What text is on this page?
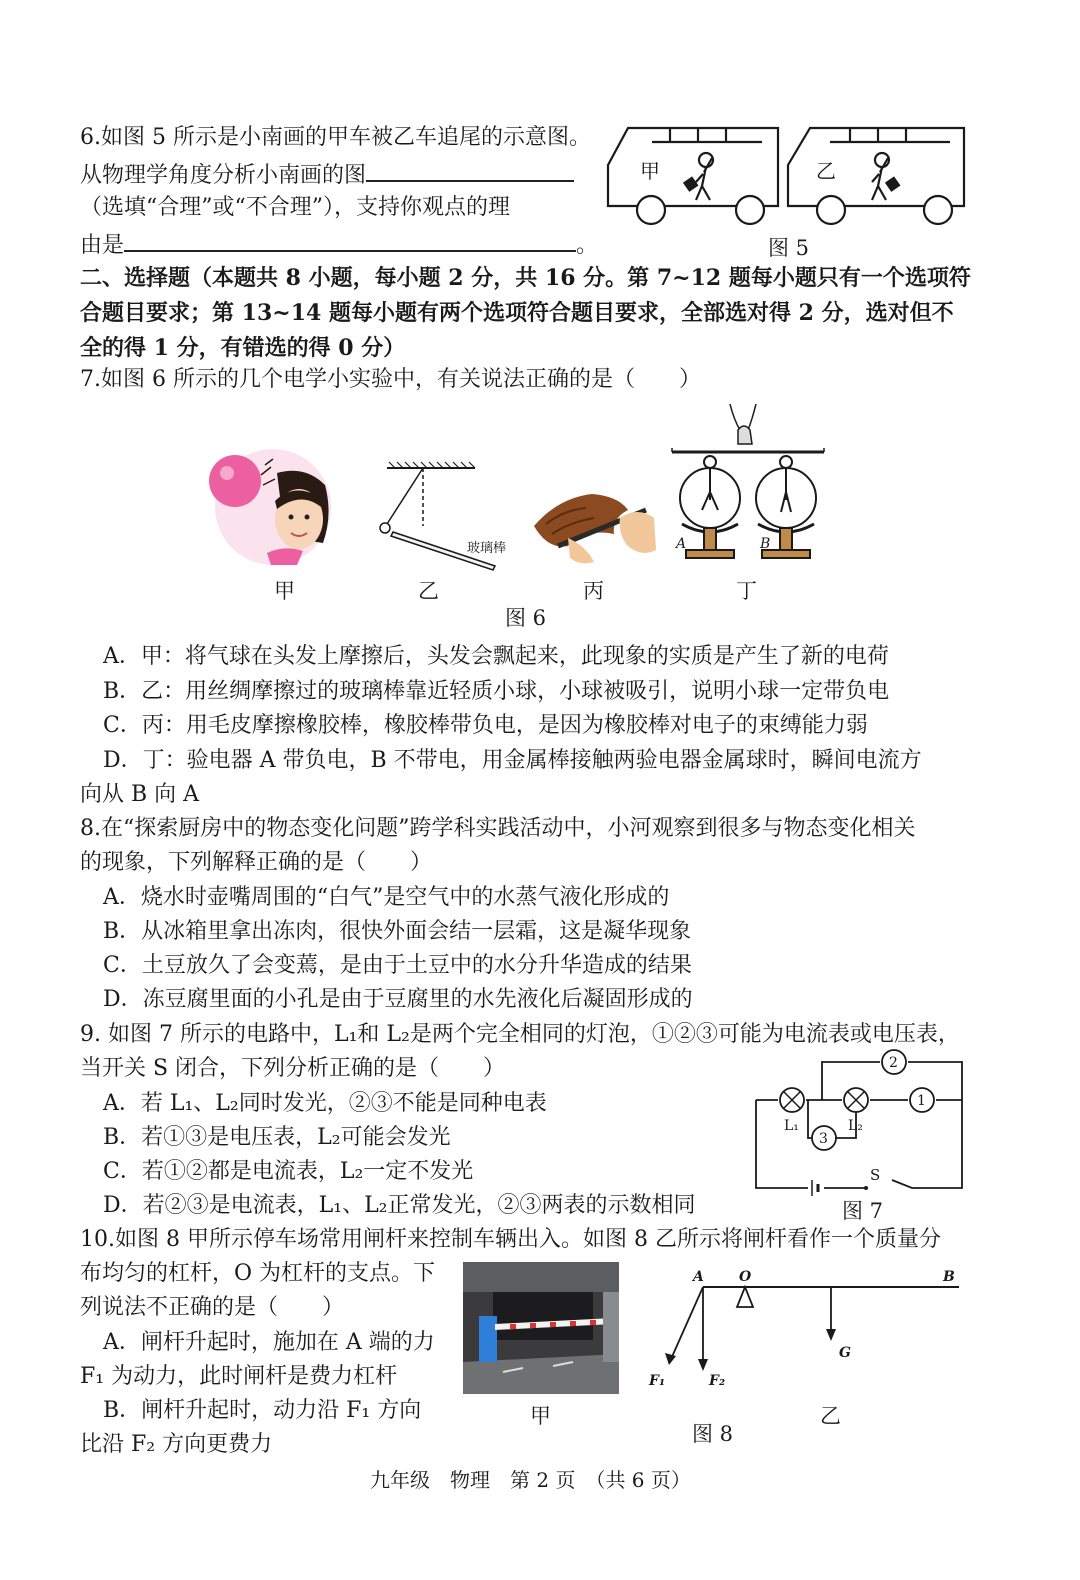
6.如图 5 所示是小南画的甲车被乙车追尾的示意图。
从物理学角度分析小南画的图
（选填“合理”或“不合理”），支持你观点的理
由是	。
甲	乙
图 5
二、选择题（本题共 8 小题，每小题 2 分，共 16 分。第 7~12 题每小题只有一个选项符
合题目要求；第 13~14 题每小题有两个选项符合题目要求，全部选对得 2 分，选对但不
全的得 1 分，有错选的得 0 分）
7.如图 6 所示的几个电学小实验中，有关说法正确的是（　　）
甲
玻璃棒
乙	丙
A	B
丁
图 6
A．甲：将气球在头发上摩擦后，头发会飘起来，此现象的实质是产生了新的电荷
B．乙：用丝绸摩擦过的玻璃棒靠近轻质小球，小球被吸引，说明小球一定带负电
C．丙：用毛皮摩擦橡胶棒，橡胶棒带负电，是因为橡胶棒对电子的束缚能力弱
D．丁：验电器 A 带负电，B 不带电，用金属棒接触两验电器金属球时，瞬间电流方
向从 B 向 A
8.在“探索厨房中的物态变化问题”跨学科实践活动中，小河观察到很多与物态变化相关
的现象，下列解释正确的是（　　）
A．烧水时壶嘴周围的“白气”是空气中的水蒸气液化形成的
B．从冰箱里拿出冻肉，很快外面会结一层霜，这是凝华现象
C．土豆放久了会变蔫，是由于土豆中的水分升华造成的结果
D．冻豆腐里面的小孔是由于豆腐里的水先液化后凝固形成的
9. 如图 7 所示的电路中，L₁和 L₂是两个完全相同的灯泡，①②③可能为电流表或电压表，
当开关 S 闭合，下列分析正确的是（　　）
A．若 L₁、L₂同时发光，②③不能是同种电表
B．若①③是电压表，L₂可能会发光
C．若①②都是电流表，L₂一定不发光
D．若②③是电流表，L₁、L₂正常发光，②③两表的示数相同
1
2
3
L₁	L₂
S
图 7
10.如图 8 甲所示停车场常用闸杆来控制车辆出入。如图 8 乙所示将闸杆看作一个质量分
布均匀的杠杆，O 为杠杆的支点。下
列说法不正确的是（　　）
A．闸杆升起时，施加在 A 端的力
F₁ 为动力，此时闸杆是费力杠杆
B．闸杆升起时，动力沿 F₁ 方向
比沿 F₂ 方向更费力
甲
A	O	B
G
F₁	F₂
图 8
乙
九年级　物理　第 2 页　（共 6 页）
